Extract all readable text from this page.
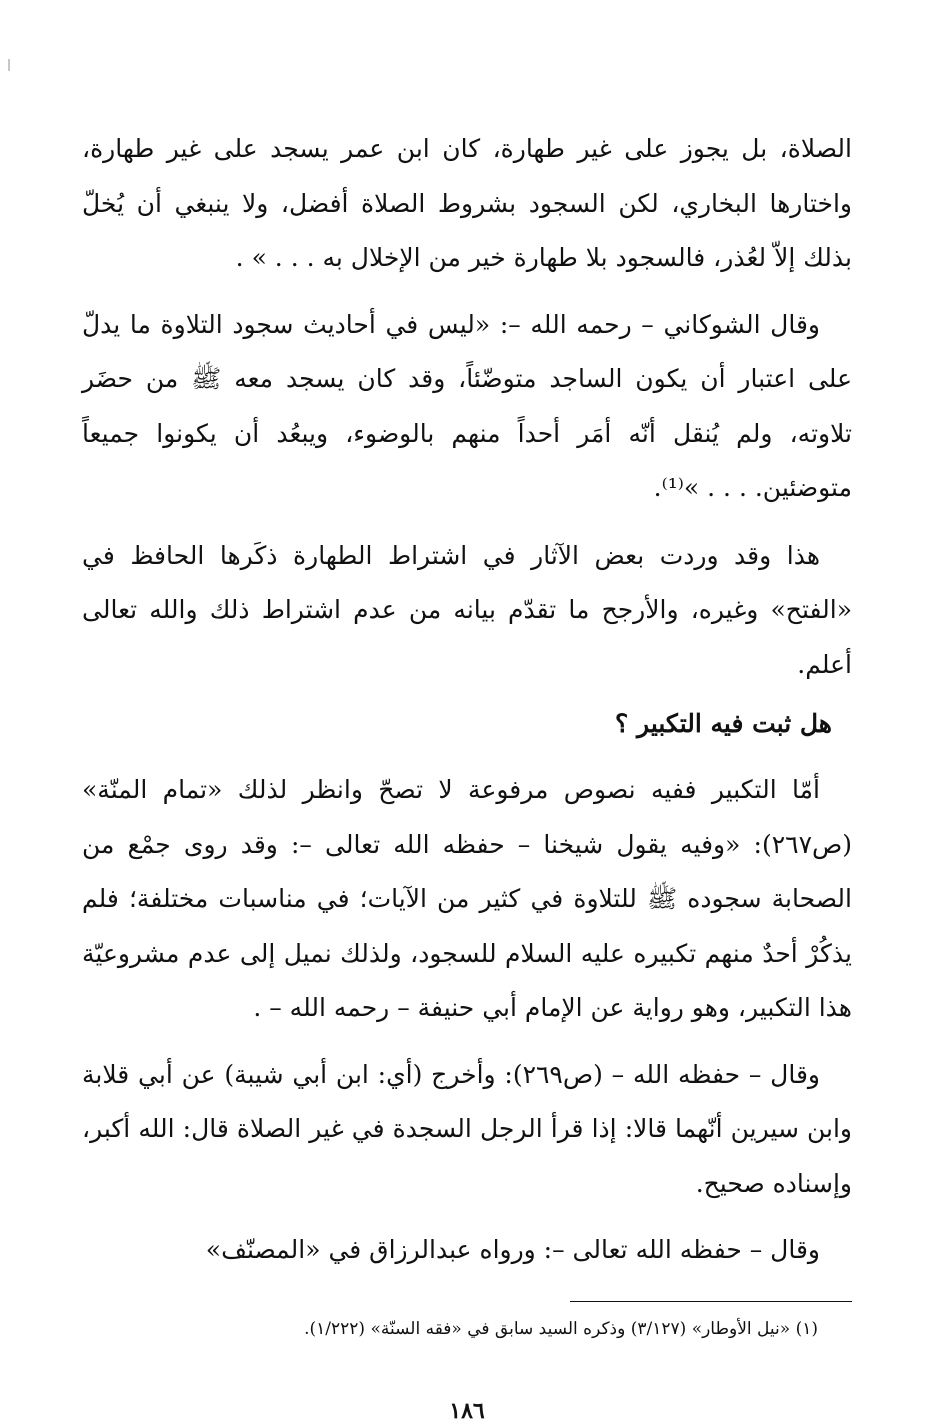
الصلاة، بل يجوز على غير طهارة، كان ابن عمر يسجد على غير طهارة، واختارها البخاري، لكن السجود بشروط الصلاة أفضل، ولا ينبغي أن يُخلّ بذلك إلاّ لعُذر، فالسجود بلا طهارة خير من الإخلال به . . . » .

وقال الشوكاني – رحمه الله –: «ليس في أحاديث سجود التلاوة ما يدلّ على اعتبار أن يكون الساجد متوضّئاً، وقد كان يسجد معه ﷺ من حضَر تلاوته، ولم يُنقل أنّه أمَر أحداً منهم بالوضوء، ويبعُد أن يكونوا جميعاً متوضئين. . . . »⁽¹⁾.

هذا وقد وردت بعض الآثار في اشتراط الطهارة ذكَرها الحافظ في «الفتح» وغيره، والأرجح ما تقدّم بيانه من عدم اشتراط ذلك والله تعالى أعلم.

هل ثبت فيه التكبير ؟

أمّا التكبير ففيه نصوص مرفوعة لا تصحّ وانظر لذلك «تمام المنّة» (ص٢٦٧): «وفيه يقول شيخنا – حفظه الله تعالى –: وقد روى جمْع من الصحابة سجوده ﷺ للتلاوة في كثير من الآيات؛ في مناسبات مختلفة؛ فلم يذكُرْ أحدٌ منهم تكبيره عليه السلام للسجود، ولذلك نميل إلى عدم مشروعيّة هذا التكبير، وهو رواية عن الإمام أبي حنيفة – رحمه الله – .

وقال – حفظه الله – (ص٢٦٩): وأخرج (أي: ابن أبي شيبة) عن أبي قلابة وابن سيرين أنّهما قالا: إذا قرأ الرجل السجدة في غير الصلاة قال: الله أكبر، وإسناده صحيح.

وقال – حفظه الله تعالى –: ورواه عبدالرزاق في «المصنّف»

(١) «نيل الأوطار» (٣/١٢٧) وذكره السيد سابق في «فقه السنّة» (١/٢٢٢).

١٨٦
